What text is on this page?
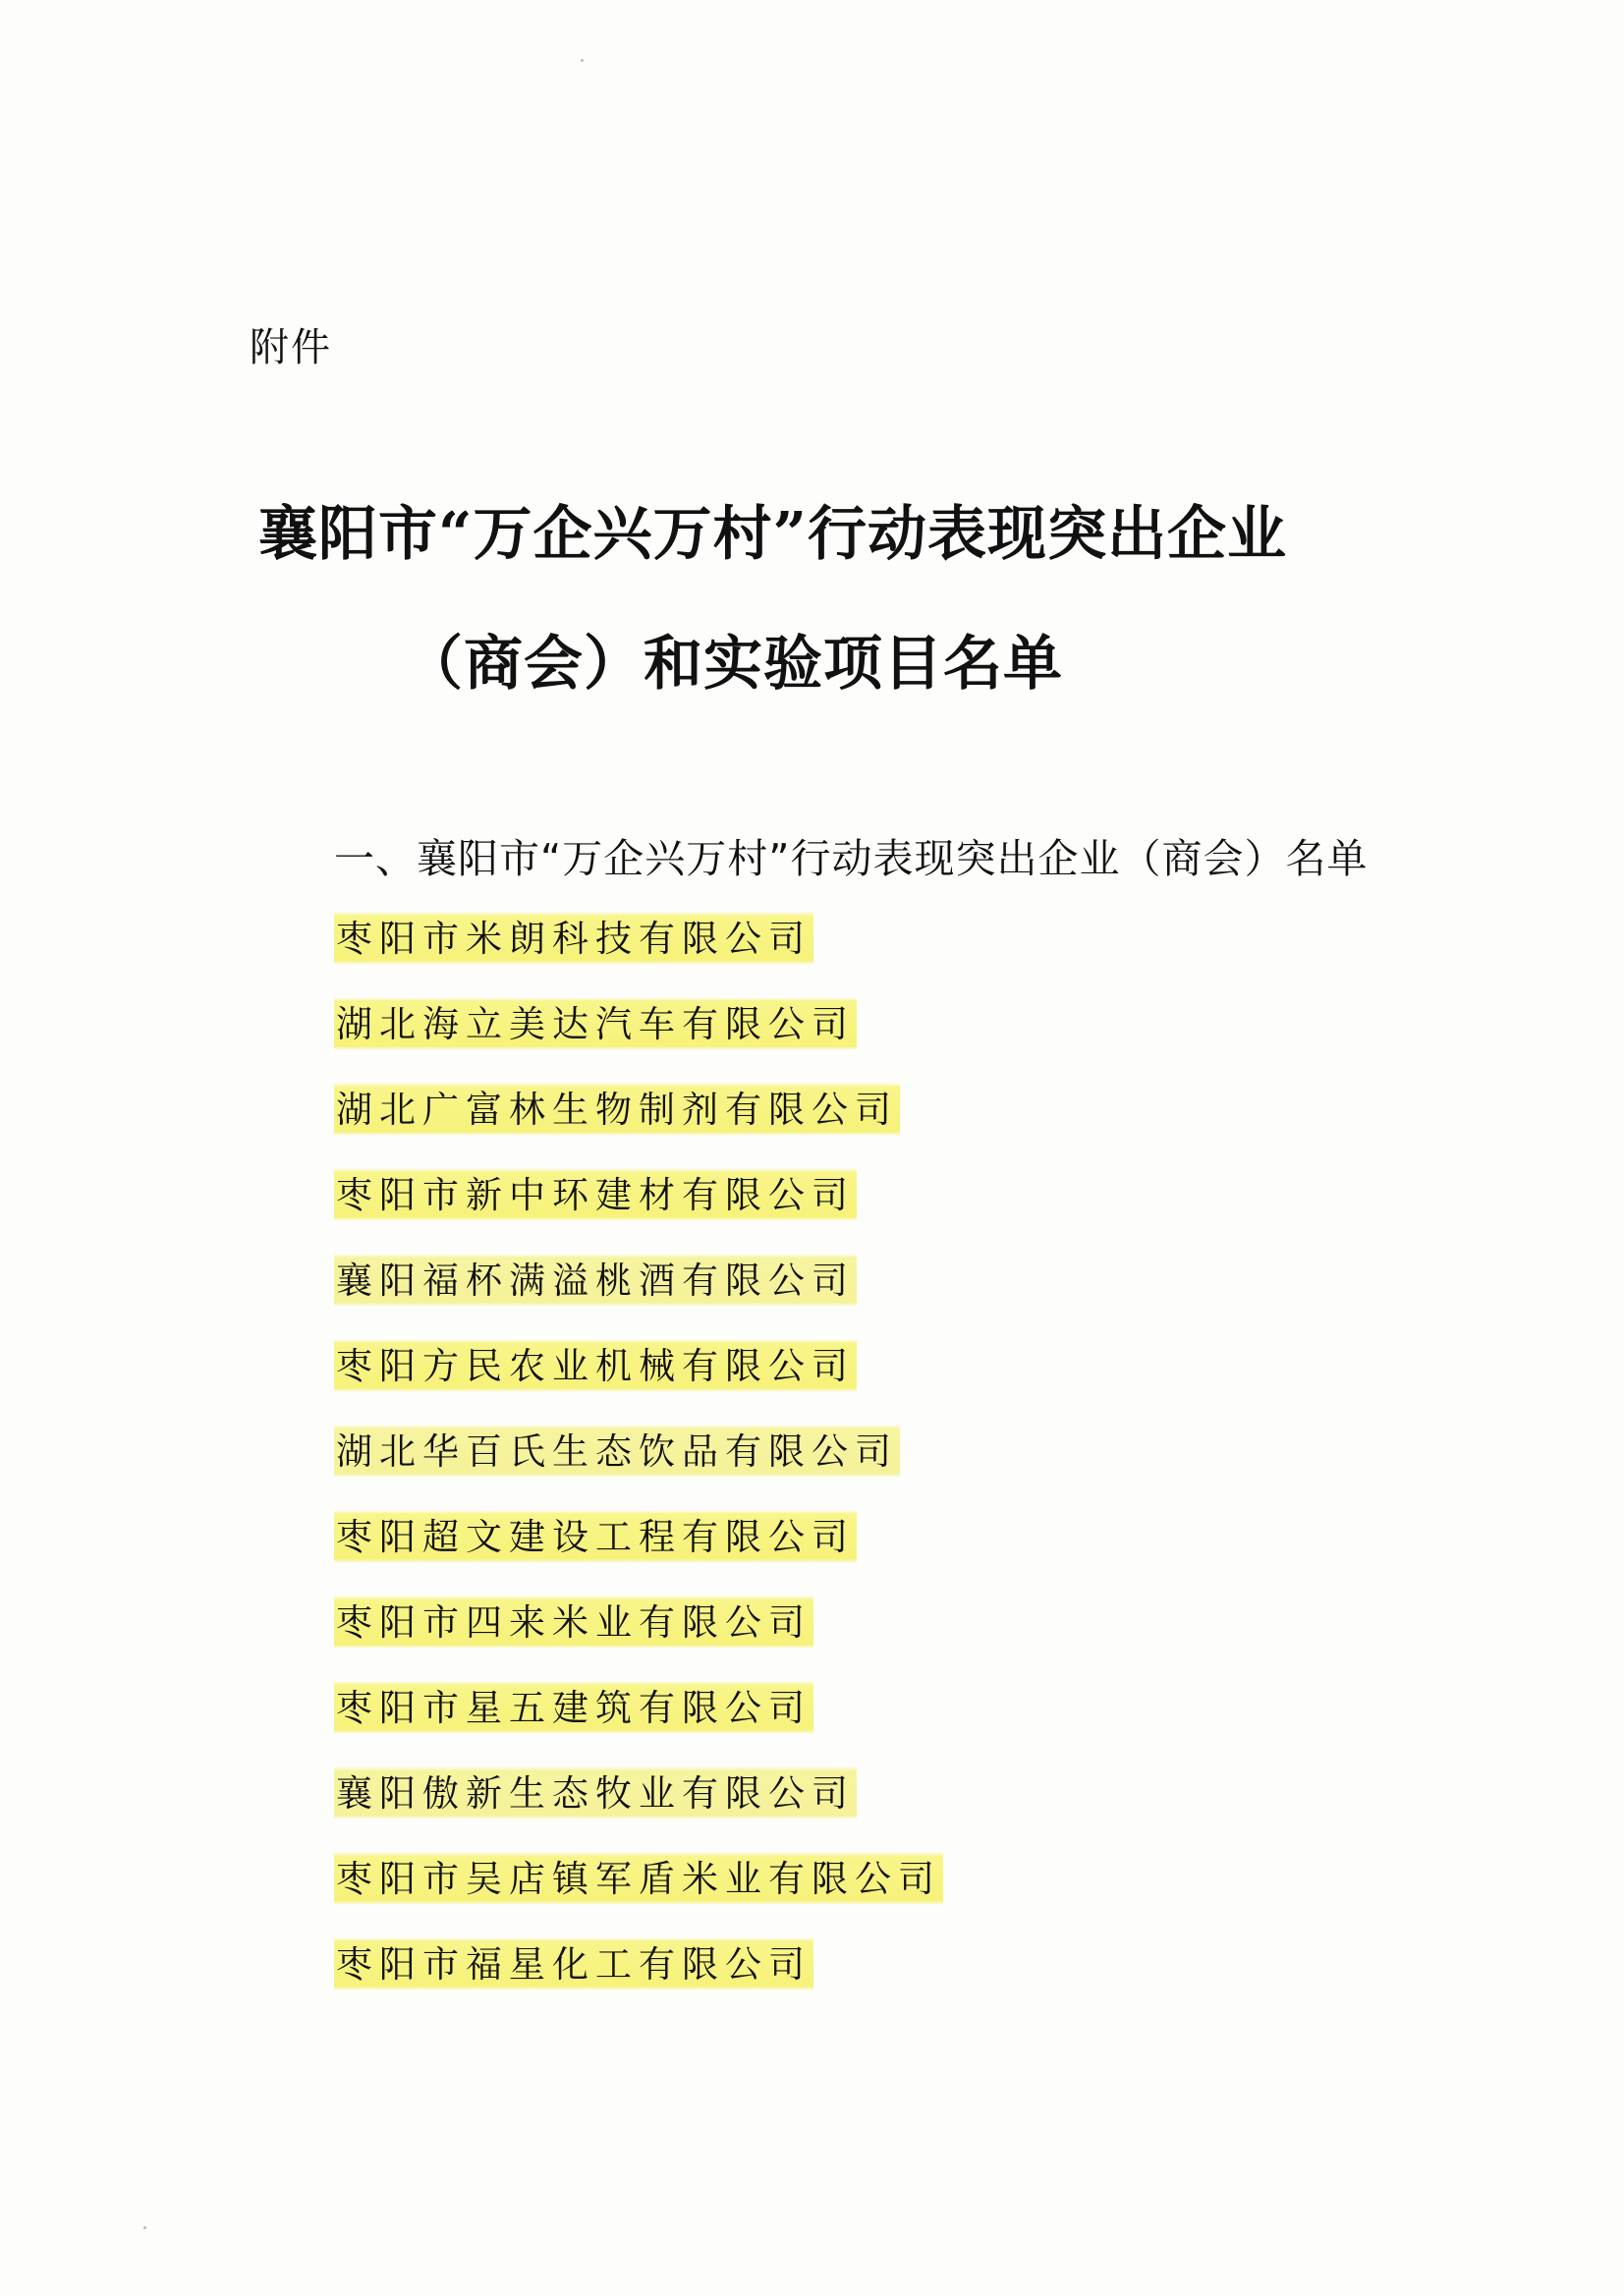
附件
襄阳市“万企兴万村”行动表现突出企业
（商会）和实验项目名单
一、襄阳市“万企兴万村”行动表现突出企业（商会）名单
枣阳市米朗科技有限公司
湖北海立美达汽车有限公司
湖北广富林生物制剂有限公司
枣阳市新中环建材有限公司
襄阳福杯满溢桃酒有限公司
枣阳方民农业机械有限公司
湖北华百氏生态饮品有限公司
枣阳超文建设工程有限公司
枣阳市四来米业有限公司
枣阳市星五建筑有限公司
襄阳傲新生态牧业有限公司
枣阳市吴店镇军盾米业有限公司
枣阳市福星化工有限公司
